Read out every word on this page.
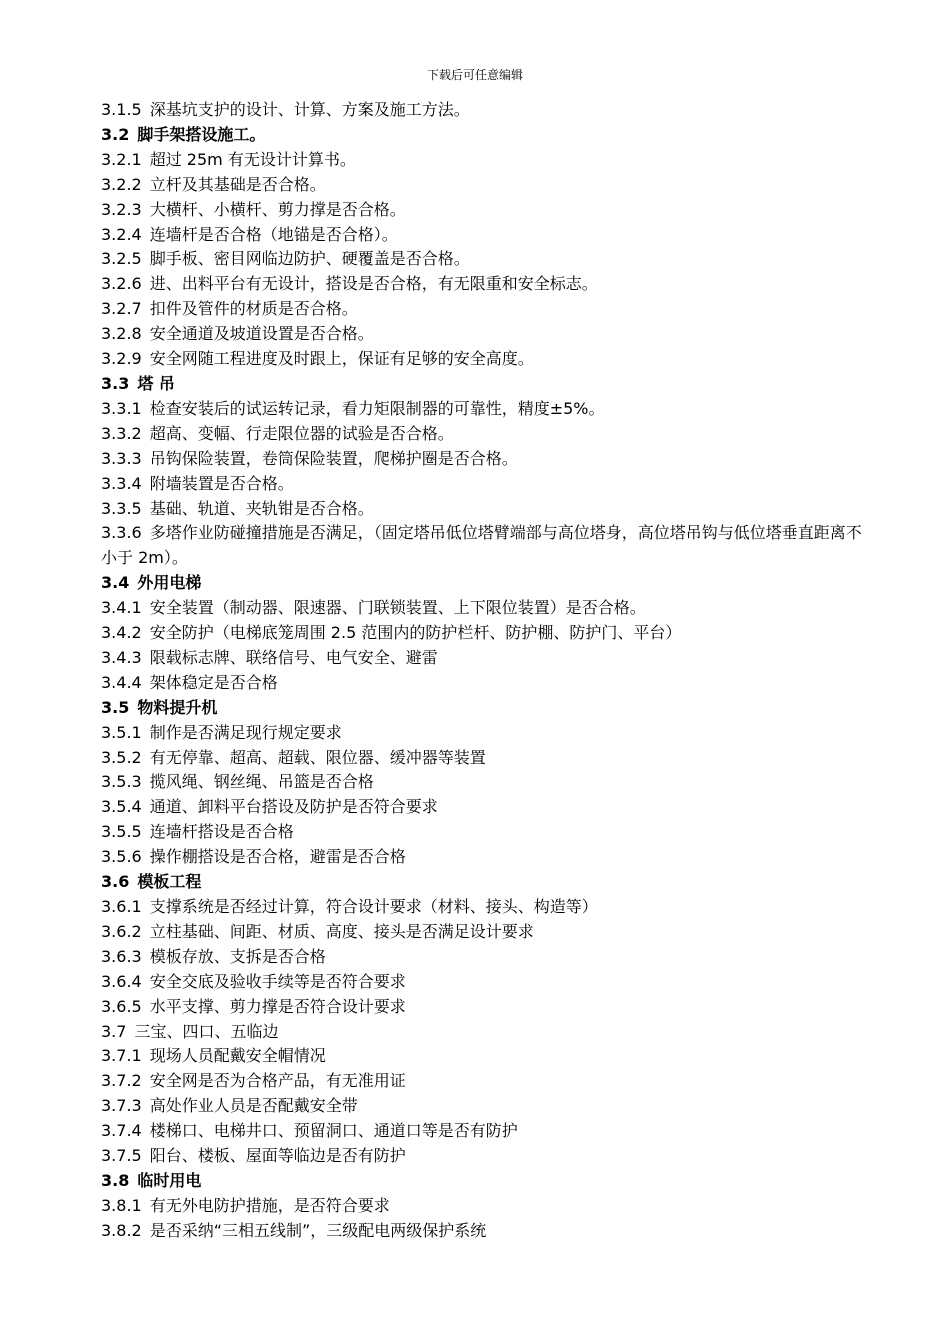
下载后可任意编辑
3.1.5 深基坑支护的设计、计算、方案及施工方法。
3.2 脚手架搭设施工。
3.2.1 超过 25m 有无设计计算书。
3.2.2 立杆及其基础是否合格。
3.2.3 大横杆、小横杆、剪力撑是否合格。
3.2.4 连墙杆是否合格（地锚是否合格）。
3.2.5 脚手板、密目网临边防护、硬覆盖是否合格。
3.2.6 进、出料平台有无设计，搭设是否合格，有无限重和安全标志。
3.2.7 扣件及管件的材质是否合格。
3.2.8 安全通道及坡道设置是否合格。
3.2.9 安全网随工程进度及时跟上，保证有足够的安全高度。
3.3 塔 吊
3.3.1 检查安装后的试运转记录，看力矩限制器的可靠性，精度±5%。
3.3.2 超高、变幅、行走限位器的试验是否合格。
3.3.3 吊钩保险装置，卷筒保险装置，爬梯护圈是否合格。
3.3.4 附墙装置是否合格。
3.3.5 基础、轨道、夹轨钳是否合格。
3.3.6 多塔作业防碰撞措施是否满足，（固定塔吊低位塔臂端部与高位塔身，高位塔吊钩与低位塔垂直距离不小于 2m）。
3.4 外用电梯
3.4.1 安全装置（制动器、限速器、门联锁装置、上下限位装置）是否合格。
3.4.2 安全防护（电梯底笼周围 2.5 范围内的防护栏杆、防护棚、防护门、平台）
3.4.3 限载标志牌、联络信号、电气安全、避雷
3.4.4 架体稳定是否合格
3.5 物料提升机
3.5.1 制作是否满足现行规定要求
3.5.2 有无停靠、超高、超载、限位器、缓冲器等装置
3.5.3 揽风绳、钢丝绳、吊篮是否合格
3.5.4 通道、卸料平台搭设及防护是否符合要求
3.5.5 连墙杆搭设是否合格
3.5.6 操作棚搭设是否合格，避雷是否合格
3.6 模板工程
3.6.1 支撑系统是否经过计算，符合设计要求（材料、接头、构造等）
3.6.2 立柱基础、间距、材质、高度、接头是否满足设计要求
3.6.3 模板存放、支拆是否合格
3.6.4 安全交底及验收手续等是否符合要求
3.6.5 水平支撑、剪力撑是否符合设计要求
3.7 三宝、四口、五临边
3.7.1 现场人员配戴安全帽情况
3.7.2 安全网是否为合格产品，有无准用证
3.7.3 高处作业人员是否配戴安全带
3.7.4 楼梯口、电梯井口、预留洞口、通道口等是否有防护
3.7.5 阳台、楼板、屋面等临边是否有防护
3.8 临时用电
3.8.1 有无外电防护措施，是否符合要求
3.8.2 是否采纳“三相五线制”，三级配电两级保护系统
